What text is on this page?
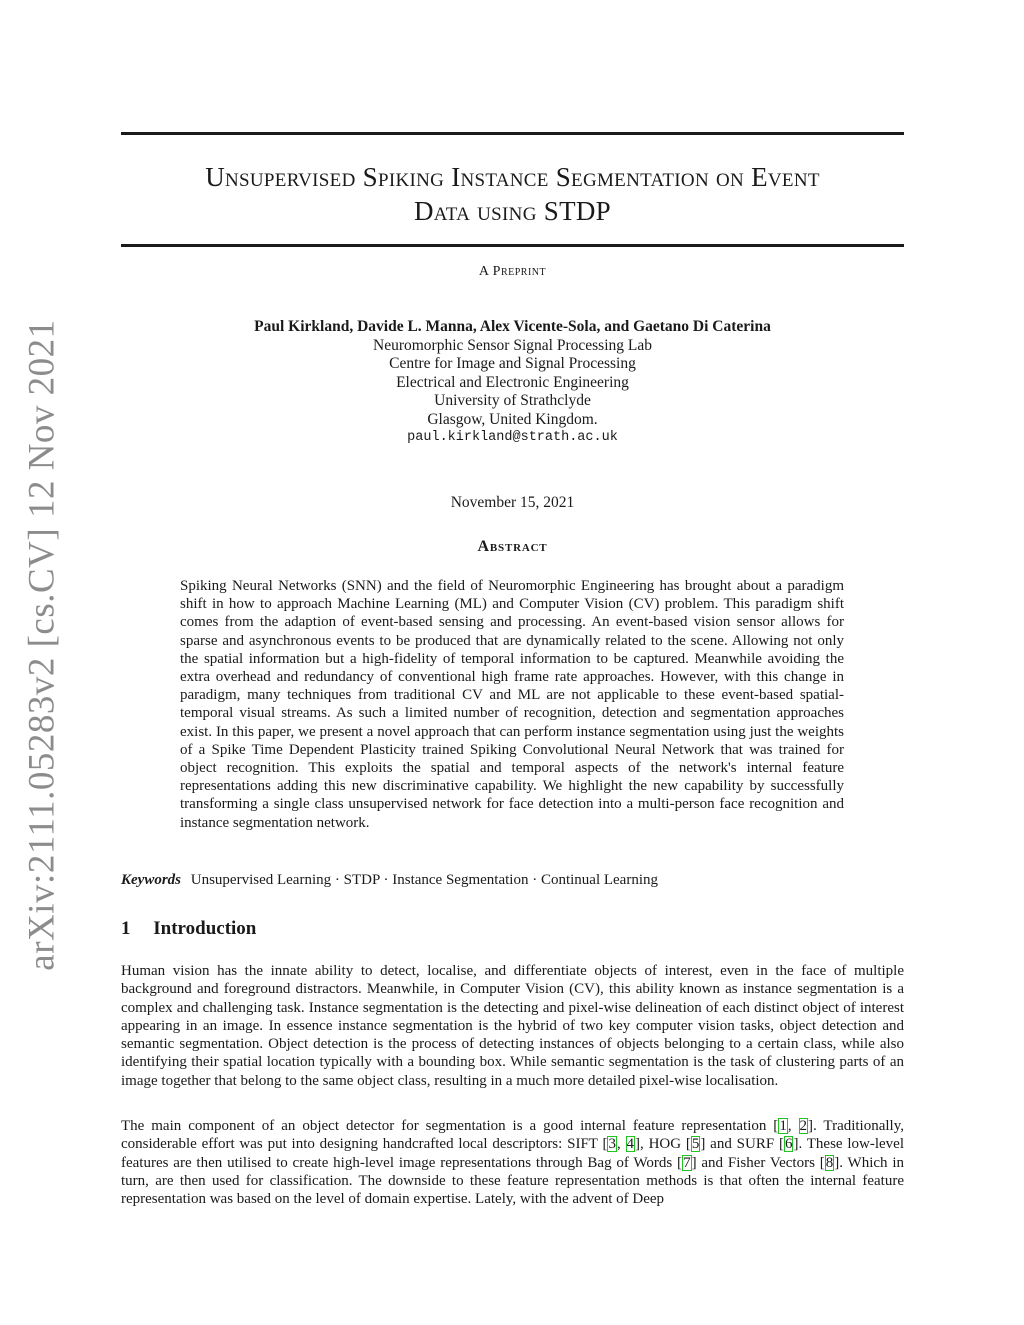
arXiv:2111.05283v2 [cs.CV] 12 Nov 2021
Unsupervised Spiking Instance Segmentation on Event
Data using STDP
A Preprint
Paul Kirkland, Davide L. Manna, Alex Vicente-Sola, and Gaetano Di Caterina
Neuromorphic Sensor Signal Processing Lab
Centre for Image and Signal Processing
Electrical and Electronic Engineering
University of Strathclyde
Glasgow, United Kingdom.
paul.kirkland@strath.ac.uk
November 15, 2021
Abstract
Spiking Neural Networks (SNN) and the field of Neuromorphic Engineering has brought about a paradigm shift in how to approach Machine Learning (ML) and Computer Vision (CV) problem. This paradigm shift comes from the adaption of event-based sensing and processing. An event-based vision sensor allows for sparse and asynchronous events to be produced that are dynamically related to the scene. Allowing not only the spatial information but a high-fidelity of temporal information to be captured. Meanwhile avoiding the extra overhead and redundancy of conventional high frame rate approaches. However, with this change in paradigm, many techniques from traditional CV and ML are not applicable to these event-based spatial-temporal visual streams. As such a limited number of recognition, detection and segmentation approaches exist. In this paper, we present a novel approach that can perform instance segmentation using just the weights of a Spike Time Dependent Plasticity trained Spiking Convolutional Neural Network that was trained for object recognition. This exploits the spatial and temporal aspects of the network's internal feature representations adding this new discriminative capability. We highlight the new capability by successfully transforming a single class unsupervised network for face detection into a multi-person face recognition and instance segmentation network.
Keywords Unsupervised Learning · STDP · Instance Segmentation · Continual Learning
1 Introduction
Human vision has the innate ability to detect, localise, and differentiate objects of interest, even in the face of multiple background and foreground distractors. Meanwhile, in Computer Vision (CV), this ability known as instance segmentation is a complex and challenging task. Instance segmentation is the detecting and pixel-wise delineation of each distinct object of interest appearing in an image. In essence instance segmentation is the hybrid of two key computer vision tasks, object detection and semantic segmentation. Object detection is the process of detecting instances of objects belonging to a certain class, while also identifying their spatial location typically with a bounding box. While semantic segmentation is the task of clustering parts of an image together that belong to the same object class, resulting in a much more detailed pixel-wise localisation.
The main component of an object detector for segmentation is a good internal feature representation [1, 2]. Traditionally, considerable effort was put into designing handcrafted local descriptors: SIFT [3, 4], HOG [5] and SURF [6]. These low-level features are then utilised to create high-level image representations through Bag of Words [7] and Fisher Vectors [8]. Which in turn, are then used for classification. The downside to these feature representation methods is that often the internal feature representation was based on the level of domain expertise. Lately, with the advent of Deep
